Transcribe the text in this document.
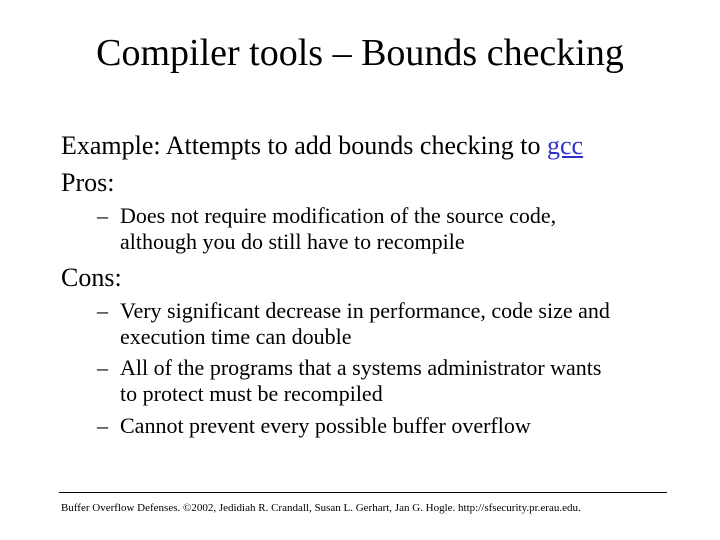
Compiler tools – Bounds checking
Example: Attempts to add bounds checking to gcc
Pros:
– Does not require modification of the source code,
although you do still have to recompile
Cons:
– Very significant decrease in performance, code size and
execution time can double
– All of the programs that a systems administrator wants
to protect must be recompiled
– Cannot prevent every possible buffer overflow
Buffer Overflow Defenses. ©2002, Jedidiah R. Crandall, Susan L. Gerhart, Jan G. Hogle. http://sfsecurity.pr.erau.edu.
